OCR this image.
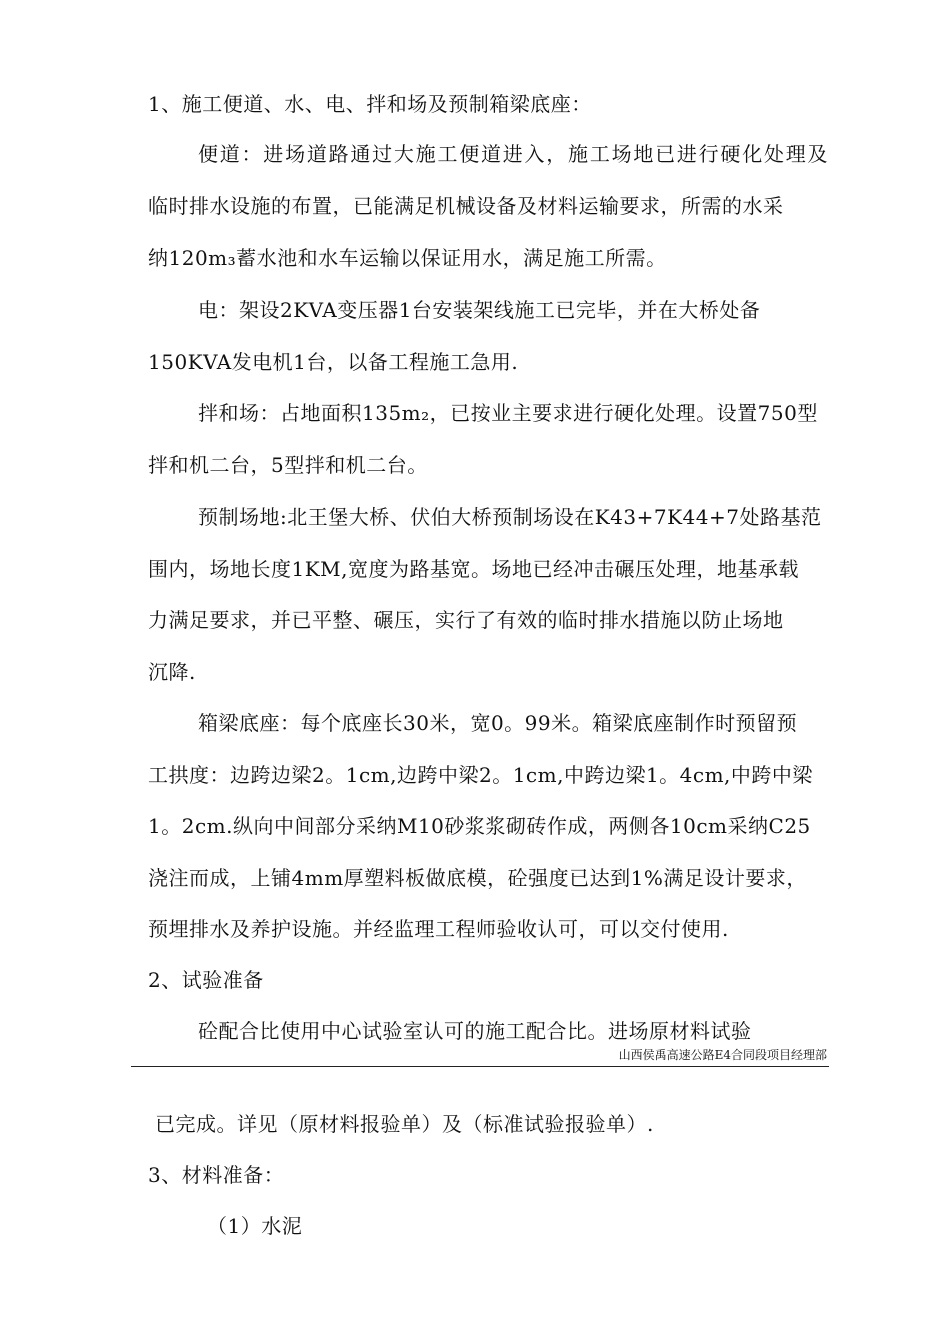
1、施工便道、水、电、拌和场及预制箱梁底座：
便道：进场道路通过大施工便道进入，施工场地已进行硬化处理及
临时排水设施的布置，已能满足机械设备及材料运输要求，所需的水采
纳120m₃蓄水池和水车运输以保证用水，满足施工所需。
电：架设2KVA变压器1台安装架线施工已完毕，并在大桥处备
150KVA发电机1台，以备工程施工急用.
拌和场：占地面积135m₂，已按业主要求进行硬化处理。设置750型
拌和机二台，5型拌和机二台。
预制场地:北王堡大桥、伏伯大桥预制场设在K43+7K44+7处路基范
围内，场地长度1KM,宽度为路基宽。场地已经冲击碾压处理，地基承载
力满足要求，并已平整、碾压，实行了有效的临时排水措施以防止场地
沉降.
箱梁底座：每个底座长30米，宽0。99米。箱梁底座制作时预留预
工拱度：边跨边梁2。1cm,边跨中梁2。1cm,中跨边梁1。4cm,中跨中梁
1。2cm.纵向中间部分采纳M10砂浆浆砌砖作成，两侧各10cm采纳C25
浇注而成，上铺4mm厚塑料板做底模，砼强度已达到1%满足设计要求，
预埋排水及养护设施。并经监理工程师验收认可，可以交付使用.
2、试验准备
砼配合比使用中心试验室认可的施工配合比。进场原材料试验
山西侯禹高速公路E4合同段项目经理部
已完成。详见（原材料报验单）及（标准试验报验单）.
3、材料准备：
（1）水泥
